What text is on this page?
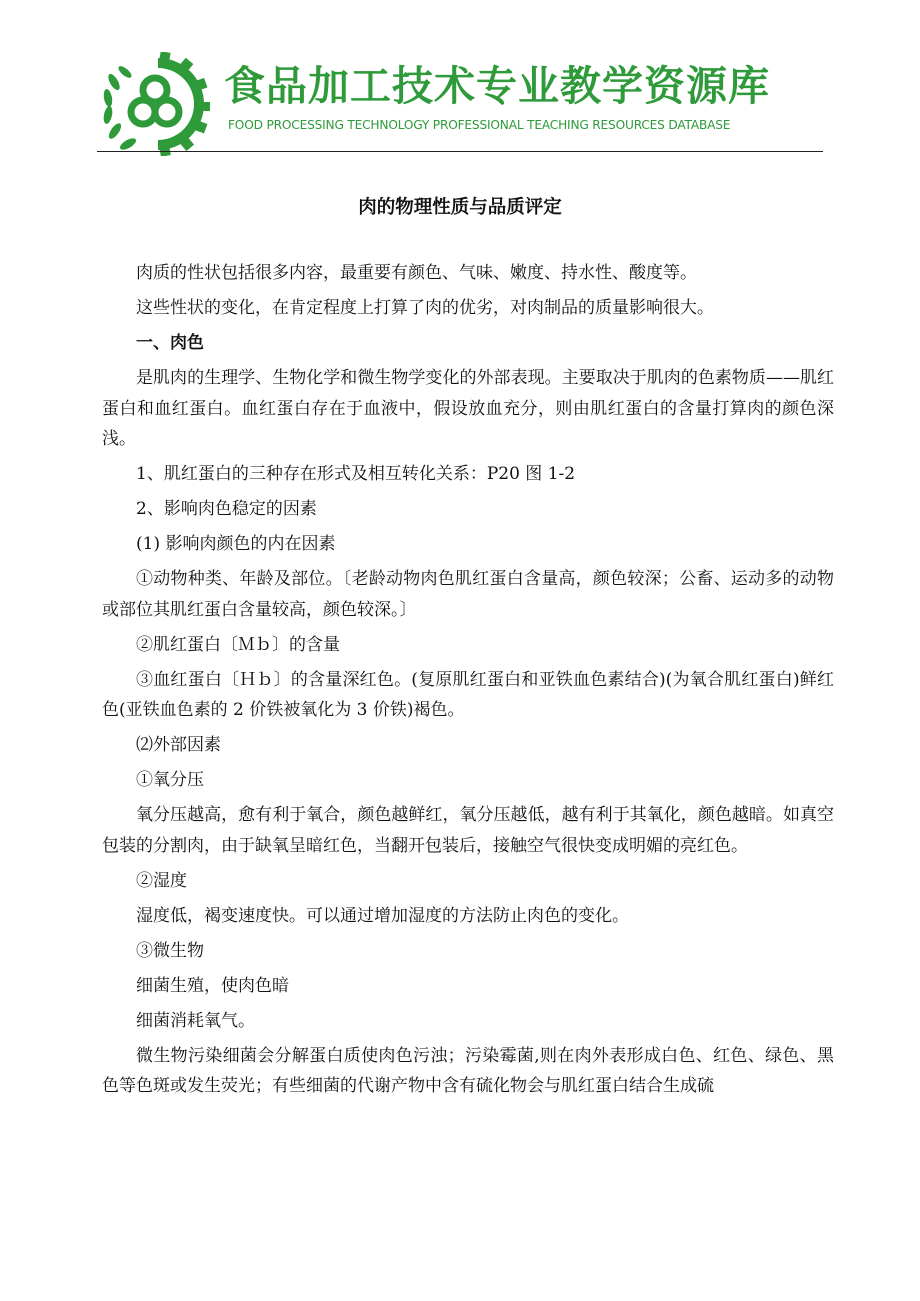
食品加工技术专业教学资源库
FOOD PROCESSING TECHNOLOGY PROFESSIONAL TEACHING RESOURCES DATABASE
肉的物理性质与品质评定

肉质的性状包括很多内容，最重要有颜色、气味、嫩度、持水性、酸度等。

这些性状的变化，在肯定程度上打算了肉的优劣，对肉制品的质量影响很大。

一、肉色

是肌肉的生理学、生物化学和微生物学变化的外部表现。主要取决于肌肉的色素物质——肌红蛋白和血红蛋白。血红蛋白存在于血液中，假设放血充分，则由肌红蛋白的含量打算肉的颜色深浅。

1、肌红蛋白的三种存在形式及相互转化关系：P20 图 1-2

2、影响肉色稳定的因素

(1) 影响肉颜色的内在因素

①动物种类、年龄及部位。〔老龄动物肉色肌红蛋白含量高，颜色较深；公畜、运动多的动物或部位其肌红蛋白含量较高，颜色较深。〕

②肌红蛋白〔Ｍｂ〕的含量

③血红蛋白〔Ｈｂ〕的含量深红色。(复原肌红蛋白和亚铁血色素结合)(为氧合肌红蛋白)鲜红色(亚铁血色素的 2 价铁被氧化为 3 价铁)褐色。

⑵外部因素

①氧分压

氧分压越高，愈有利于氧合，颜色越鲜红，氧分压越低，越有利于其氧化，颜色越暗。如真空包装的分割肉，由于缺氧呈暗红色，当翻开包装后，接触空气很快变成明媚的亮红色。

②湿度

湿度低，褐变速度快。可以通过增加湿度的方法防止肉色的变化。

③微生物

细菌生殖，使肉色暗

细菌消耗氧气。

微生物污染细菌会分解蛋白质使肉色污浊；污染霉菌,则在肉外表形成白色、红色、绿色、黑色等色斑或发生荧光；有些细菌的代谢产物中含有硫化物会与肌红蛋白结合生成硫
